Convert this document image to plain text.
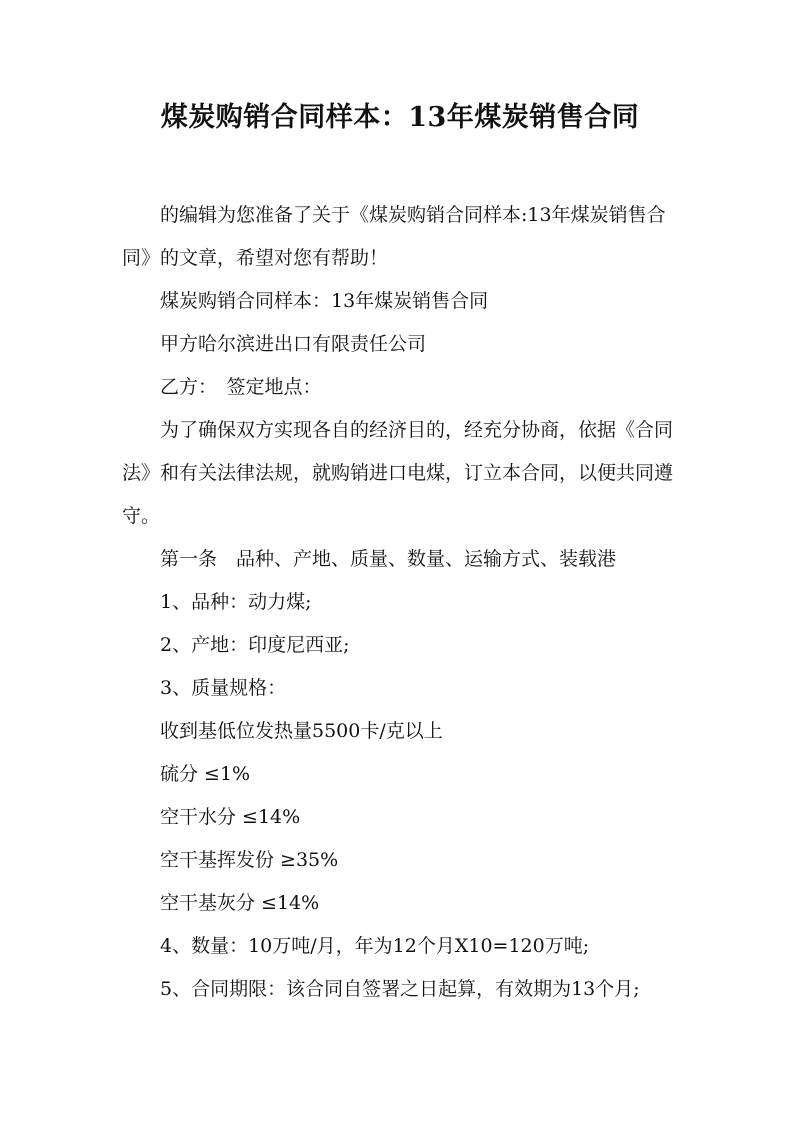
煤炭购销合同样本：13年煤炭销售合同

的编辑为您准备了关于《煤炭购销合同样本:13年煤炭销售合同》的文章，希望对您有帮助！

煤炭购销合同样本：13年煤炭销售合同

甲方哈尔滨进出口有限责任公司

乙方：　签定地点：

为了确保双方实现各自的经济目的，经充分协商，依据《合同法》和有关法律法规，就购销进口电煤，订立本合同，以便共同遵守。

第一条　品种、产地、质量、数量、运输方式、装载港

1、品种：动力煤;

2、产地：印度尼西亚;

3、质量规格：

收到基低位发热量5500卡/克以上

硫分 ≤1%

空干水分 ≤14%

空干基挥发份 ≥35%

空干基灰分 ≤14%

4、数量：10万吨/月，年为12个月X10=120万吨;

5、合同期限：该合同自签署之日起算，有效期为13个月;
